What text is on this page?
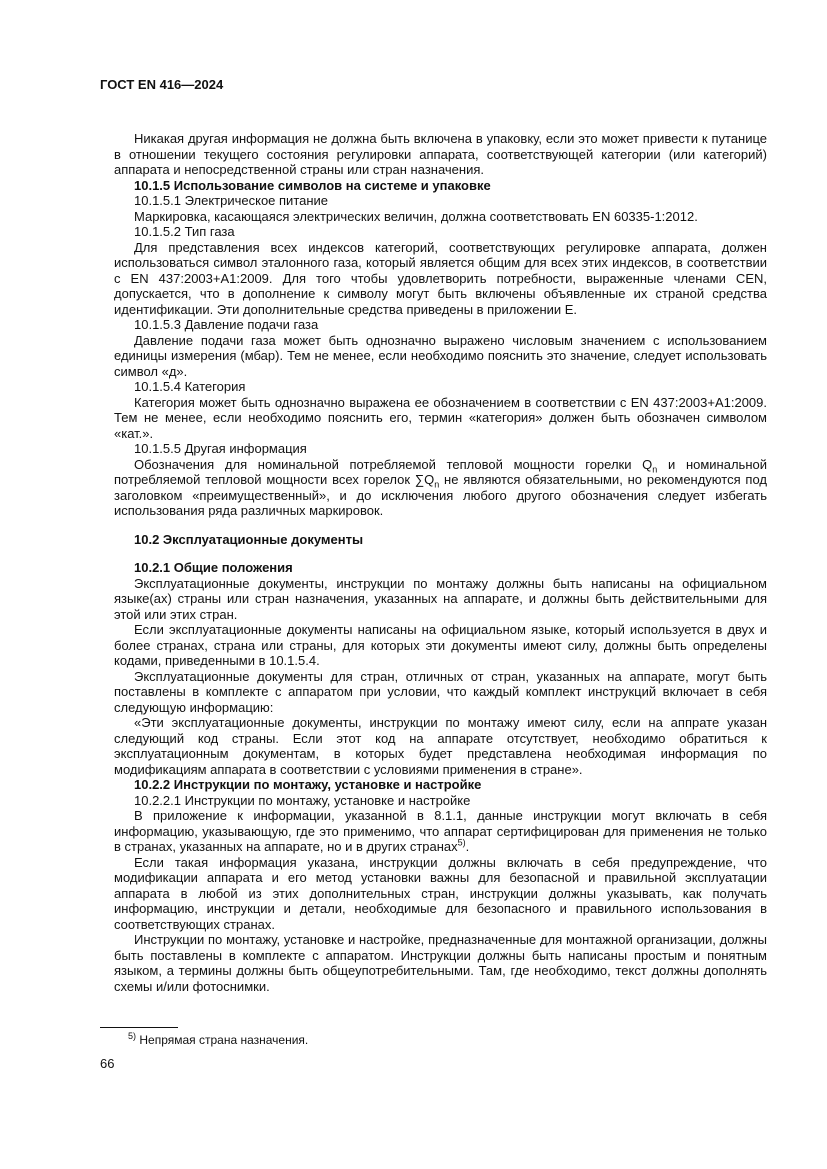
ГОСТ EN 416—2024

Никакая другая информация не должна быть включена в упаковку, если это может привести к путанице в отношении текущего состояния регулировки аппарата, соответствующей категории (или категорий) аппарата и непосредственной страны или стран назначения.

10.1.5 Использование символов на системе и упаковке

10.1.5.1 Электрическое питание

Маркировка, касающаяся электрических величин, должна соответствовать EN 60335-1:2012.

10.1.5.2 Тип газа

Для представления всех индексов категорий, соответствующих регулировке аппарата, должен использоваться символ эталонного газа, который является общим для всех этих индексов, в соответствии с EN 437:2003+A1:2009. Для того чтобы удовлетворить потребности, выраженные членами CEN, допускается, что в дополнение к символу могут быть включены объявленные их страной средства идентификации. Эти дополнительные средства приведены в приложении E.

10.1.5.3 Давление подачи газа

Давление подачи газа может быть однозначно выражено числовым значением с использованием единицы измерения (мбар). Тем не менее, если необходимо пояснить это значение, следует использовать символ «д».

10.1.5.4 Категория

Категория может быть однозначно выражена ее обозначением в соответствии с EN 437:2003+A1:2009. Тем не менее, если необходимо пояснить его, термин «категория» должен быть обозначен символом «кат.».

10.1.5.5 Другая информация

Обозначения для номинальной потребляемой тепловой мощности горелки $Q_n$ и номинальной потребляемой тепловой мощности всех горелок $\sum Q_n$ не являются обязательными, но рекомендуются под заголовком «преимущественный», и до исключения любого другого обозначения следует избегать использования ряда различных маркировок.

10.2 Эксплуатационные документы

10.2.1 Общие положения

Эксплуатационные документы, инструкции по монтажу должны быть написаны на официальном языке(ах) страны или стран назначения, указанных на аппарате, и должны быть действительными для этой или этих стран.

Если эксплуатационные документы написаны на официальном языке, который используется в двух и более странах, страна или страны, для которых эти документы имеют силу, должны быть определены кодами, приведенными в 10.1.5.4.

Эксплуатационные документы для стран, отличных от стран, указанных на аппарате, могут быть поставлены в комплекте с аппаратом при условии, что каждый комплект инструкций включает в себя следующую информацию:

«Эти эксплуатационные документы, инструкции по монтажу имеют силу, если на аппрате указан следующий код страны. Если этот код на аппарате отсутствует, необходимо обратиться к эксплуатационным документам, в которых будет представлена необходимая информация по модификациям аппарата в соответствии с условиями применения в стране».

10.2.2 Инструкции по монтажу, установке и настройке

10.2.2.1 Инструкции по монтажу, установке и настройке

В приложение к информации, указанной в 8.1.1, данные инструкции могут включать в себя информацию, указывающую, где это применимо, что аппарат сертифицирован для применения не только в странах, указанных на аппарате, но и в других странах$^{5)}$.

Если такая информация указана, инструкции должны включать в себя предупреждение, что модификации аппарата и его метод установки важны для безопасной и правильной эксплуатации аппарата в любой из этих дополнительных стран, инструкции должны указывать, как получать информацию, инструкции и детали, необходимые для безопасного и правильного использования в соответствующих странах.

Инструкции по монтажу, установке и настройке, предназначенные для монтажной организации, должны быть поставлены в комплекте с аппаратом. Инструкции должны быть написаны простым и понятным языком, а термины должны быть общеупотребительными. Там, где необходимо, текст должны дополнять схемы и/или фотоснимки.

$^{5)}$ Непрямая страна назначения.
66
